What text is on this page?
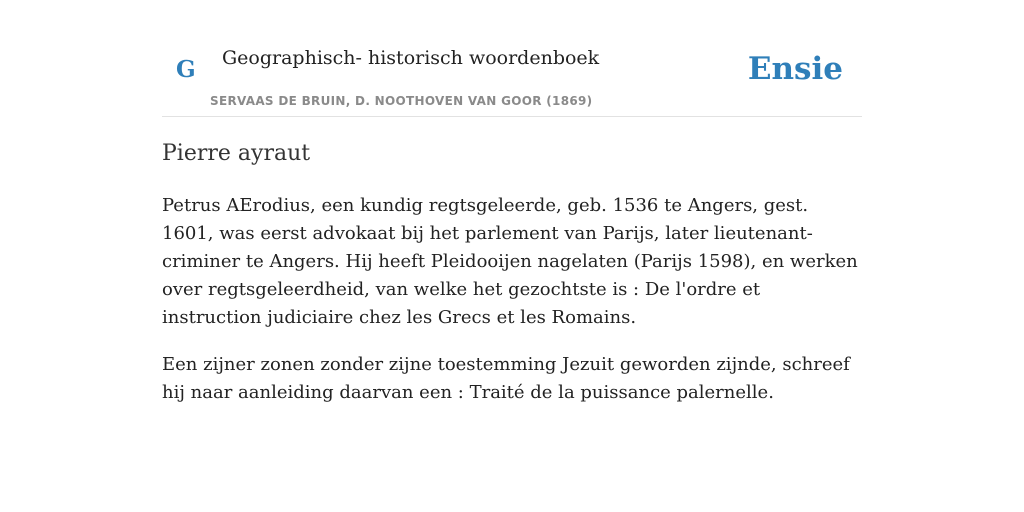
G Geographisch- historisch woordenboek
SERVAAS DE BRUIN, D. NOOTHOVEN VAN GOOR (1869)
Ensie
Pierre ayraut

Petrus AErodius, een kundig regtsgeleerde, geb. 1536 te Angers, gest. 1601, was eerst advokaat bij het parlement van Parijs, later lieutenant-criminer te Angers. Hij heeft Pleidooijen nagelaten (Parijs 1598), en werken over regtsgeleerdheid, van welke het gezochtste is : De l'ordre et instruction judiciaire chez les Grecs et les Romains.

Een zijner zonen zonder zijne toestemming Jezuit geworden zijnde, schreef hij naar aanleiding daarvan een : Traité de la puissance palernelle.
